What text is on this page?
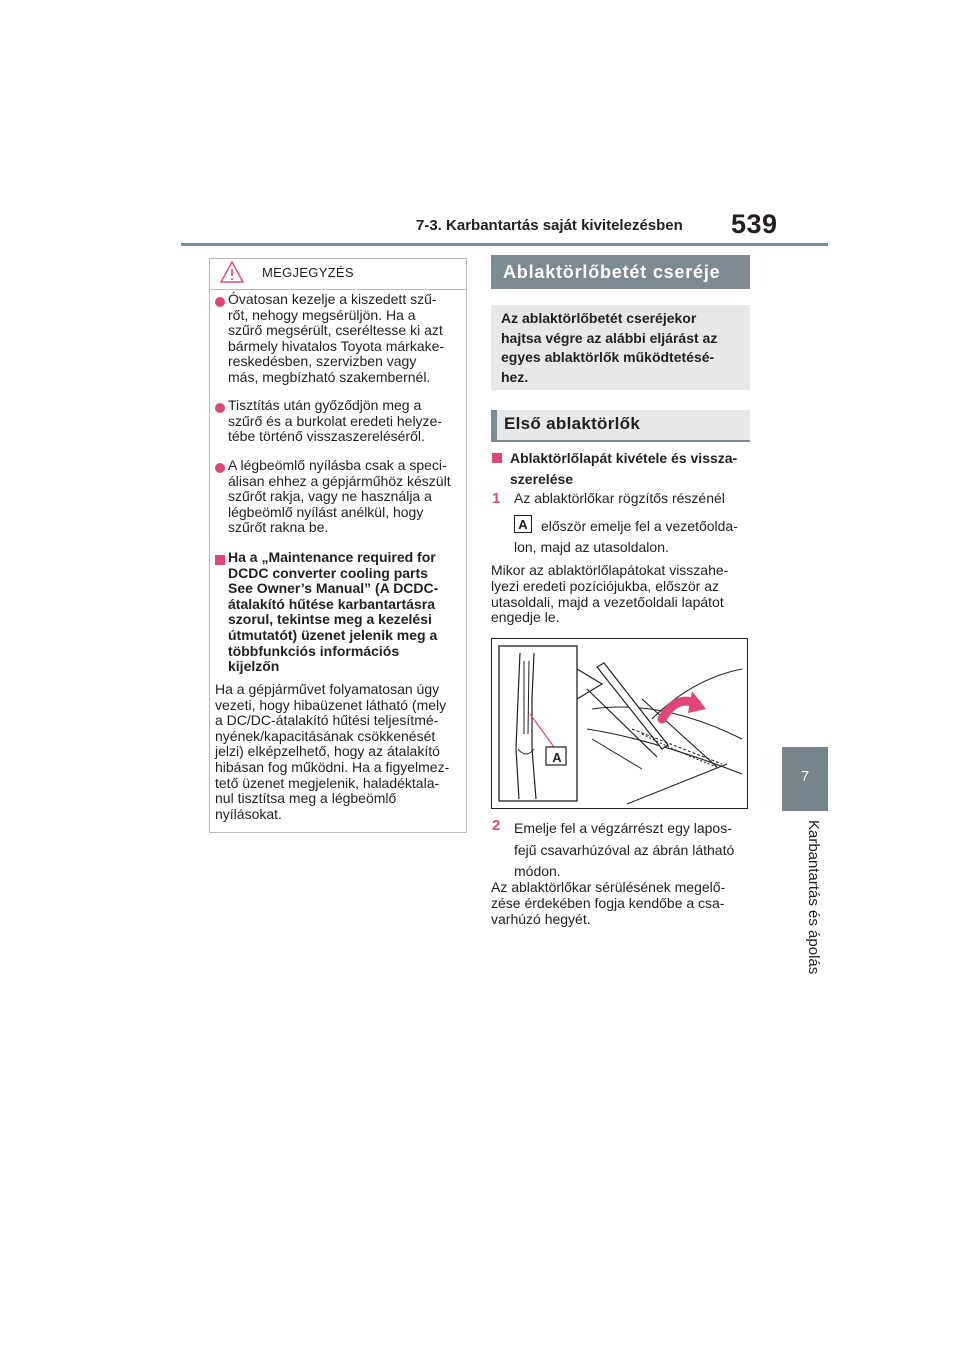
7-3. Karbantartás saját kivitelezésben 539
7
Karbantartás és ápolás
MEGJEGYZÉS
Óvatosan kezelje a kiszedett szű-
rőt, nehogy megsérüljön. Ha a
szűrő megsérült, cseréltesse ki azt
bármely hivatalos Toyota márkake-
reskedésben, szervizben vagy
más, megbízható szakembernél.
Tisztítás után győződjön meg a
szűrő és a burkolat eredeti helyze-
tébe történő visszaszereléséről.
A légbeömlő nyílásba csak a speci-
álisan ehhez a gépjárműhöz készült
szűrőt rakja, vagy ne használja a
légbeömlő nyílást anélkül, hogy
szűrőt rakna be.
Ha a „Maintenance required for
DCDC converter cooling parts
See Owner’s Manual” (A DCDC-
átalakító hűtése karbantartásra
szorul, tekintse meg a kezelési
útmutatót) üzenet jelenik meg a
többfunkciós információs
kijelzőn
Ha a gépjárművet folyamatosan úgy
vezeti, hogy hibaüzenet látható (mely
a DC/DC-átalakító hűtési teljesítmé-
nyének/kapacitásának csökkenését
jelzi) elképzelhető, hogy az átalakító
hibásan fog működni. Ha a figyelmez-
tető üzenet megjelenik, haladéktala-
nul tisztítsa meg a légbeömlő
nyílásokat.
Ablaktörlőbetét cseréje
Az ablaktörlőbetét cseréjekor
hajtsa végre az alábbi eljárást az
egyes ablaktörlők működtetésé-
hez.
Első ablaktörlők
Ablaktörlőlapát kivétele és vissza-
szerelése
1 Az ablaktörlőkar rögzítős részénél
A először emelje fel a vezetőolda-
lon, majd az utasoldalon.
Mikor az ablaktörlőlapátokat visszahe-
lyezi eredeti pozíciójukba, először az
utasoldali, majd a vezetőoldali lapátot
engedje le.
A
2 Emelje fel a végzárrészt egy lapos-
fejű csavarhúzóval az ábrán látható
módon.
Az ablaktörlőkar sérülésének megelő-
zése érdekében fogja kendőbe a csa-
varhúzó hegyét.
